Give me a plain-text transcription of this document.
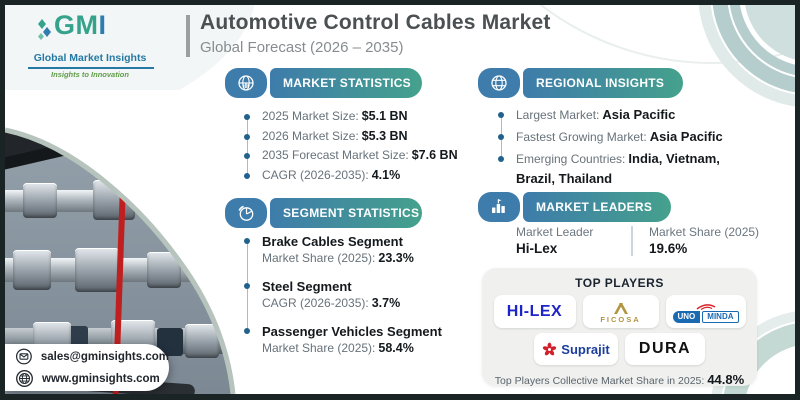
GMI
Global Market Insights
Insights to Innovation
Automotive Control Cables Market
Global Forecast (2026 – 2035)
MARKET STATISTICS
2025 Market Size: $5.1 BN
2026 Market Size: $5.3 BN
2035 Forecast Market Size: $7.6 BN
CAGR (2026-2035): 4.1%
SEGMENT STATISTICS
Brake Cables Segment
Market Share (2025): 23.3%
Steel Segment
CAGR (2026-2035): 3.7%
Passenger Vehicles Segment
Market Share (2025): 58.4%
REGIONAL INSIGHTS
Largest Market: Asia Pacific
Fastest Growing Market: Asia Pacific
Emerging Countries: India, Vietnam, Brazil, Thailand
MARKET LEADERS
Market Leader
Hi-Lex
Market Share (2025)
19.6%
TOP PLAYERS
HI-LEX	FICOSA	UNO	MINDA
Suprajit DURA
Top Players Collective Market Share in 2025: 44.8%
sales@gminsights.com
www.gminsights.com
